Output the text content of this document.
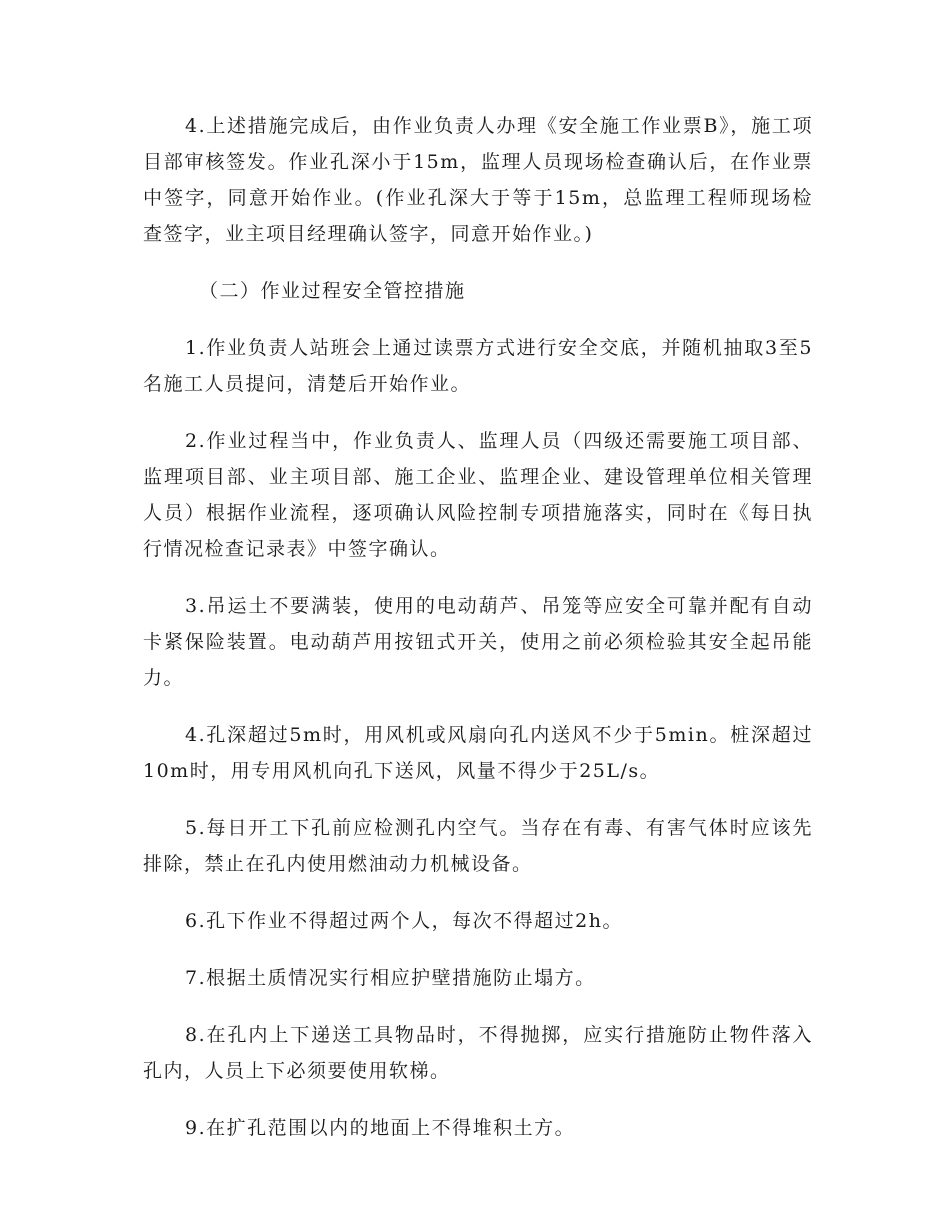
4.上述措施完成后，由作业负责人办理《安全施工作业票B》，施工项目部审核签发。作业孔深小于15m，监理人员现场检查确认后，在作业票中签字，同意开始作业。(作业孔深大于等于15m，总监理工程师现场检查签字，业主项目经理确认签字，同意开始作业。)

（二）作业过程安全管控措施

1.作业负责人站班会上通过读票方式进行安全交底，并随机抽取3至5名施工人员提问，清楚后开始作业。

2.作业过程当中，作业负责人、监理人员（四级还需要施工项目部、监理项目部、业主项目部、施工企业、监理企业、建设管理单位相关管理人员）根据作业流程，逐项确认风险控制专项措施落实，同时在《每日执行情况检查记录表》中签字确认。

3.吊运土不要满装，使用的电动葫芦、吊笼等应安全可靠并配有自动卡紧保险装置。电动葫芦用按钮式开关，使用之前必须检验其安全起吊能力。

4.孔深超过5m时，用风机或风扇向孔内送风不少于5min。桩深超过10m时，用专用风机向孔下送风，风量不得少于25L/s。

5.每日开工下孔前应检测孔内空气。当存在有毒、有害气体时应该先排除，禁止在孔内使用燃油动力机械设备。

6.孔下作业不得超过两个人，每次不得超过2h。

7.根据土质情况实行相应护壁措施防止塌方。

8.在孔内上下递送工具物品时，不得抛掷，应实行措施防止物件落入孔内，人员上下必须要使用软梯。

9.在扩孔范围以内的地面上不得堆积土方。
